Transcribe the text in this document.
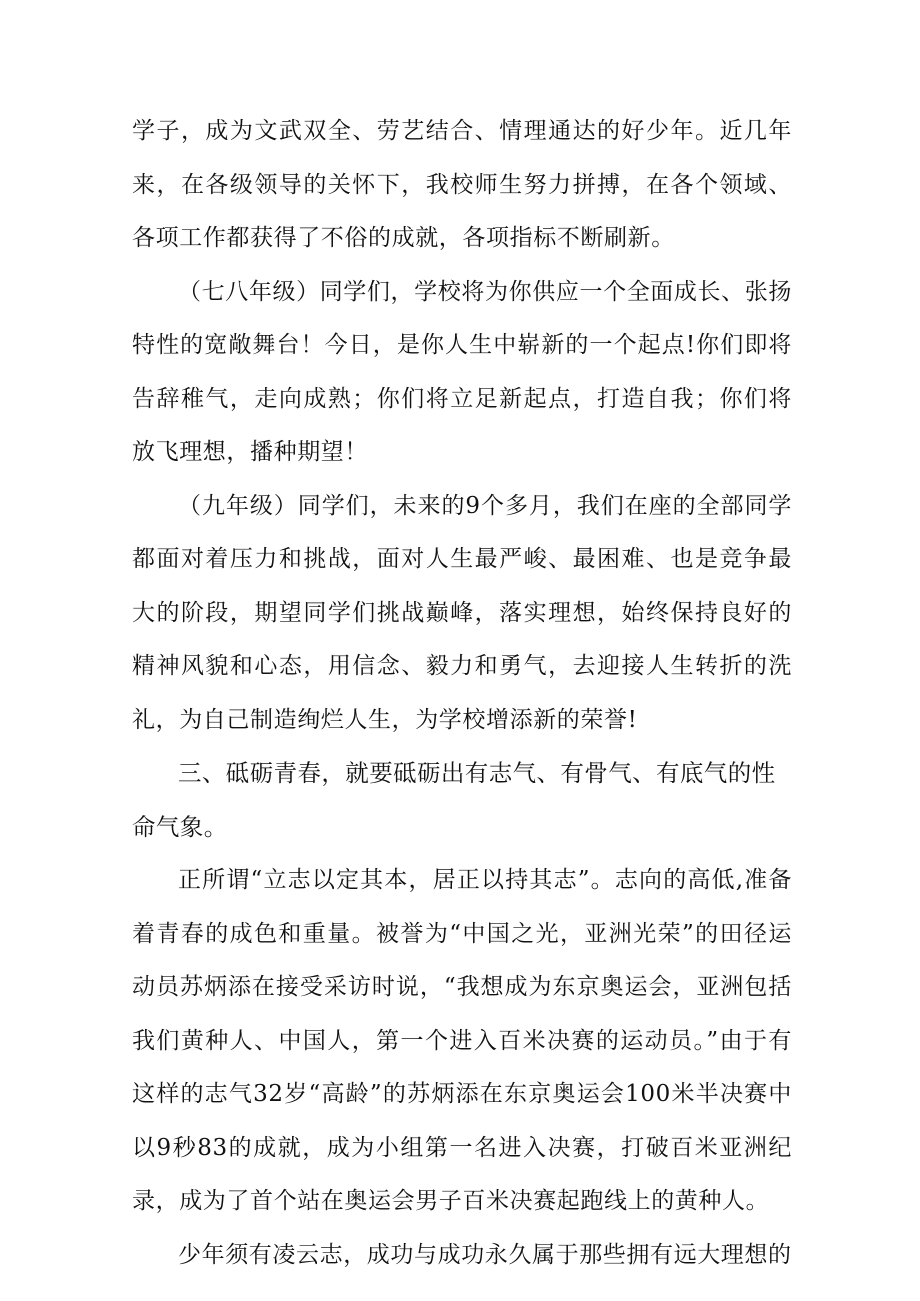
学子，成为文武双全、劳艺结合、情理通达的好少年。近几年来，在各级领导的关怀下，我校师生努力拼搏，在各个领域、各项工作都获得了不俗的成就，各项指标不断刷新。

（七八年级）同学们，学校将为你供应一个全面成长、张扬特性的宽敞舞台！今日，是你人生中崭新的一个起点!你们即将告辞稚气，走向成熟；你们将立足新起点，打造自我；你们将放飞理想，播种期望！

（九年级）同学们，未来的9个多月，我们在座的全部同学都面对着压力和挑战，面对人生最严峻、最困难、也是竞争最大的阶段，期望同学们挑战巅峰，落实理想，始终保持良好的精神风貌和心态，用信念、毅力和勇气，去迎接人生转折的洗礼，为自己制造绚烂人生，为学校增添新的荣誉!

三、砥砺青春，就要砥砺出有志气、有骨气、有底气的性命气象。

正所谓“立志以定其本，居正以持其志”。志向的高低,准备着青春的成色和重量。被誉为“中国之光，亚洲光荣”的田径运动员苏炳添在接受采访时说，“我想成为东京奥运会，亚洲包括我们黄种人、中国人，第一个进入百米决赛的运动员。”由于有这样的志气32岁“高龄”的苏炳添在东京奥运会100米半决赛中以9秒83的成就，成为小组第一名进入决赛，打破百米亚洲纪录，成为了首个站在奥运会男子百米决赛起跑线上的黄种人。

少年须有凌云志，成功与成功永久属于那些拥有远大理想的
